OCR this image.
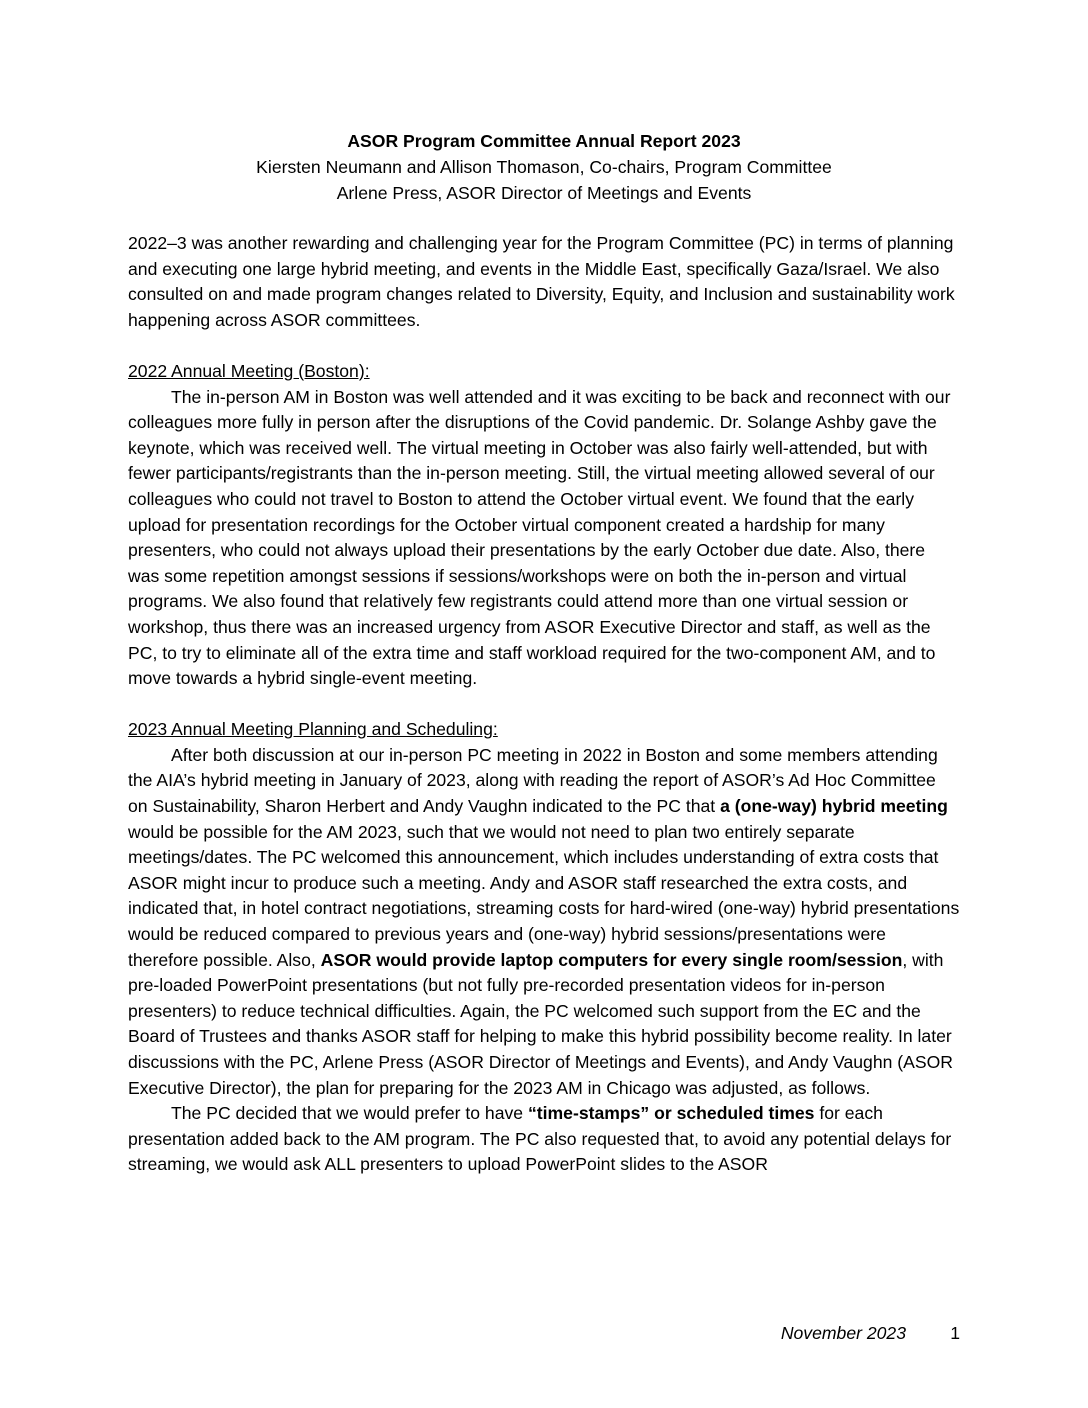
ASOR Program Committee Annual Report 2023
Kiersten Neumann and Allison Thomason, Co-chairs, Program Committee
Arlene Press, ASOR Director of Meetings and Events

2022–3 was another rewarding and challenging year for the Program Committee (PC) in terms of planning and executing one large hybrid meeting, and events in the Middle East, specifically Gaza/Israel. We also consulted on and made program changes related to Diversity, Equity, and Inclusion and sustainability work happening across ASOR committees.

2022 Annual Meeting (Boston):

The in-person AM in Boston was well attended and it was exciting to be back and reconnect with our colleagues more fully in person after the disruptions of the Covid pandemic. Dr. Solange Ashby gave the keynote, which was received well. The virtual meeting in October was also fairly well-attended, but with fewer participants/registrants than the in-person meeting. Still, the virtual meeting allowed several of our colleagues who could not travel to Boston to attend the October virtual event. We found that the early upload for presentation recordings for the October virtual component created a hardship for many presenters, who could not always upload their presentations by the early October due date. Also, there was some repetition amongst sessions if sessions/workshops were on both the in-person and virtual programs. We also found that relatively few registrants could attend more than one virtual session or workshop, thus there was an increased urgency from ASOR Executive Director and staff, as well as the PC, to try to eliminate all of the extra time and staff workload required for the two-component AM, and to move towards a hybrid single-event meeting.

2023 Annual Meeting Planning and Scheduling:

After both discussion at our in-person PC meeting in 2022 in Boston and some members attending the AIA’s hybrid meeting in January of 2023, along with reading the report of ASOR’s Ad Hoc Committee on Sustainability, Sharon Herbert and Andy Vaughn indicated to the PC that a (one-way) hybrid meeting would be possible for the AM 2023, such that we would not need to plan two entirely separate meetings/dates. The PC welcomed this announcement, which includes understanding of extra costs that ASOR might incur to produce such a meeting. Andy and ASOR staff researched the extra costs, and indicated that, in hotel contract negotiations, streaming costs for hard-wired (one-way) hybrid presentations would be reduced compared to previous years and (one-way) hybrid sessions/presentations were therefore possible. Also, ASOR would provide laptop computers for every single room/session, with pre-loaded PowerPoint presentations (but not fully pre-recorded presentation videos for in-person presenters) to reduce technical difficulties. Again, the PC welcomed such support from the EC and the Board of Trustees and thanks ASOR staff for helping to make this hybrid possibility become reality. In later discussions with the PC, Arlene Press (ASOR Director of Meetings and Events), and Andy Vaughn (ASOR Executive Director), the plan for preparing for the 2023 AM in Chicago was adjusted, as follows.

The PC decided that we would prefer to have “time-stamps” or scheduled times for each presentation added back to the AM program. The PC also requested that, to avoid any potential delays for streaming, we would ask ALL presenters to upload PowerPoint slides to the ASOR

November 2023	1
